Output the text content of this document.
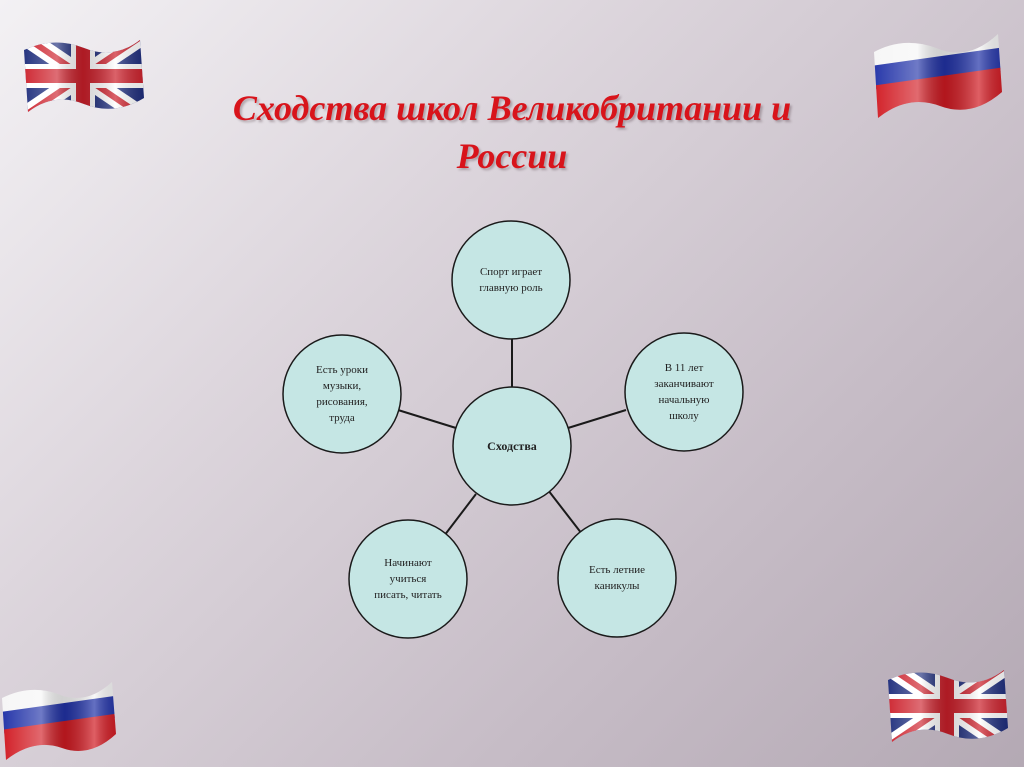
Сходства школ Великобритании и
России
Сходства
Спорт играет
главную роль
В 11 лет
заканчивают
начальную
школу
Есть летние
каникулы
Начинают
учиться
писать, читать
Есть уроки
музыки,
рисования,
труда
